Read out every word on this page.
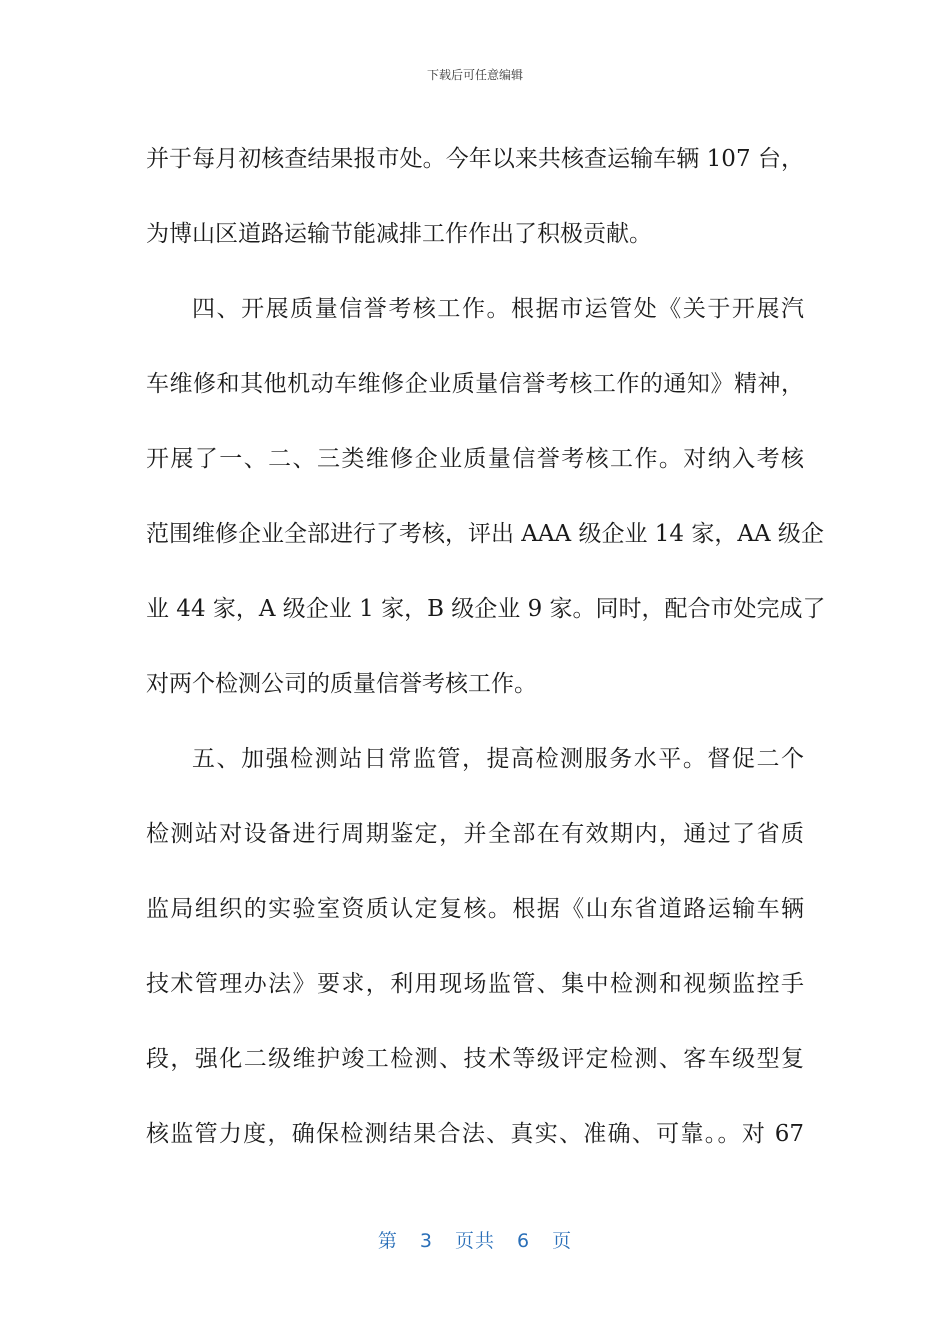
下载后可任意编辑
并于每月初核查结果报市处。今年以来共核查运输车辆 107 台，
为博山区道路运输节能减排工作作出了积极贡献。
四、开展质量信誉考核工作。根据市运管处《关于开展汽
车维修和其他机动车维修企业质量信誉考核工作的通知》精神，
开展了一、二、三类维修企业质量信誉考核工作。对纳入考核
范围维修企业全部进行了考核，评出 AAA 级企业 14 家，AA 级企
业 44 家，A 级企业 1 家，B 级企业 9 家。同时，配合市处完成了
对两个检测公司的质量信誉考核工作。
五、加强检测站日常监管，提高检测服务水平。督促二个
检测站对设备进行周期鉴定，并全部在有效期内，通过了省质
监局组织的实验室资质认定复核。根据《山东省道路运输车辆
技术管理办法》要求，利用现场监管、集中检测和视频监控手
段，强化二级维护竣工检测、技术等级评定检测、客车级型复
核监管力度，确保检测结果合法、真实、准确、可靠。。对 67
第 3 页共 6 页
